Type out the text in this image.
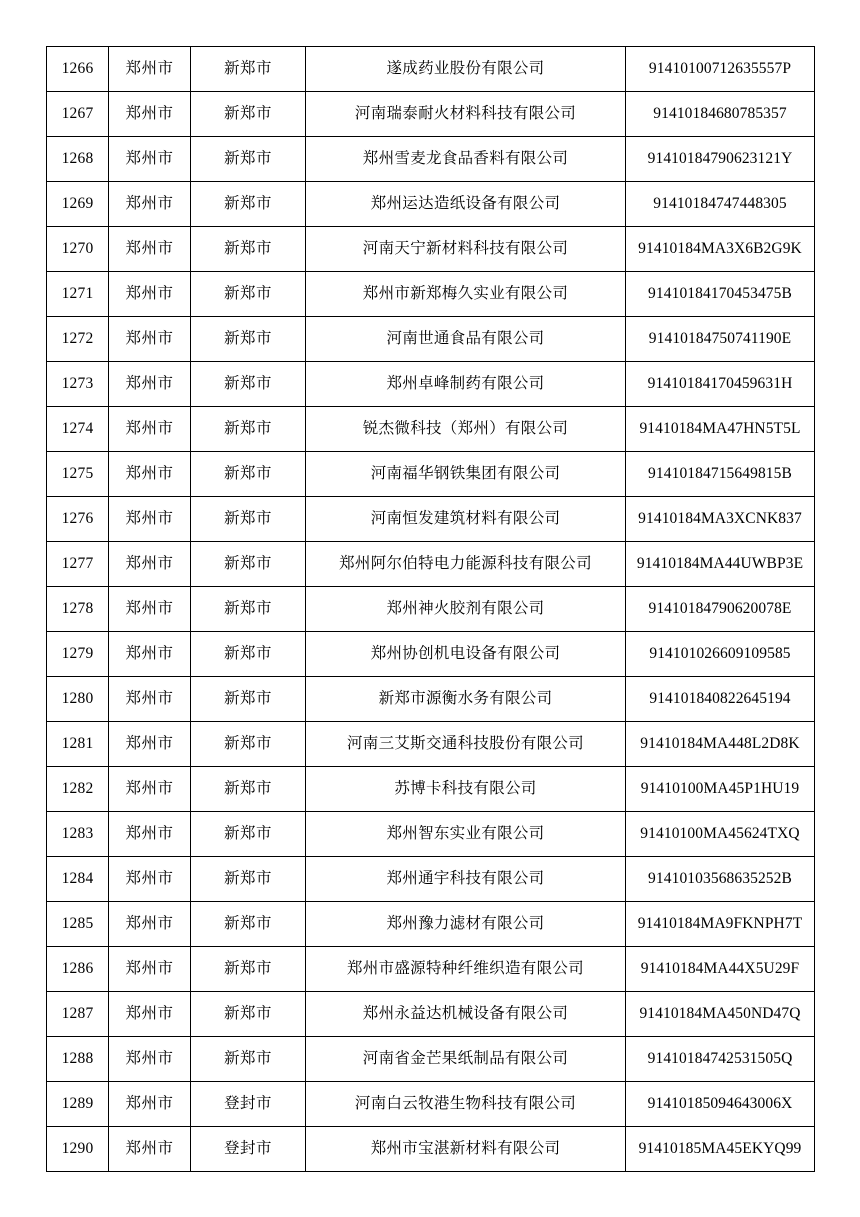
1266	郑州市	新郑市	遂成药业股份有限公司	91410100712635557P
1267	郑州市	新郑市	河南瑞泰耐火材料科技有限公司	91410184680785357
1268	郑州市	新郑市	郑州雪麦龙食品香料有限公司	91410184790623121Y
1269	郑州市	新郑市	郑州运达造纸设备有限公司	91410184747448305
1270	郑州市	新郑市	河南天宁新材料科技有限公司	91410184MA3X6B2G9K
1271	郑州市	新郑市	郑州市新郑梅久实业有限公司	91410184170453475B
1272	郑州市	新郑市	河南世通食品有限公司	91410184750741190E
1273	郑州市	新郑市	郑州卓峰制药有限公司	91410184170459631H
1274	郑州市	新郑市	锐杰微科技（郑州）有限公司	91410184MA47HN5T5L
1275	郑州市	新郑市	河南福华钢铁集团有限公司	91410184715649815B
1276	郑州市	新郑市	河南恒发建筑材料有限公司	91410184MA3XCNK837
1277	郑州市	新郑市	郑州阿尔伯特电力能源科技有限公司	91410184MA44UWBP3E
1278	郑州市	新郑市	郑州神火胶剂有限公司	91410184790620078E
1279	郑州市	新郑市	郑州协创机电设备有限公司	914101026609109585
1280	郑州市	新郑市	新郑市源衡水务有限公司	914101840822645194
1281	郑州市	新郑市	河南三艾斯交通科技股份有限公司	91410184MA448L2D8K
1282	郑州市	新郑市	苏博卡科技有限公司	91410100MA45P1HU19
1283	郑州市	新郑市	郑州智东实业有限公司	91410100MA45624TXQ
1284	郑州市	新郑市	郑州通宇科技有限公司	91410103568635252B
1285	郑州市	新郑市	郑州豫力滤材有限公司	91410184MA9FKNPH7T
1286	郑州市	新郑市	郑州市盛源特种纤维织造有限公司	91410184MA44X5U29F
1287	郑州市	新郑市	郑州永益达机械设备有限公司	91410184MA450ND47Q
1288	郑州市	新郑市	河南省金芒果纸制品有限公司	91410184742531505Q
1289	郑州市	登封市	河南白云牧港生物科技有限公司	91410185094643006X
1290	郑州市	登封市	郑州市宝湛新材料有限公司	91410185MA45EKYQ99
